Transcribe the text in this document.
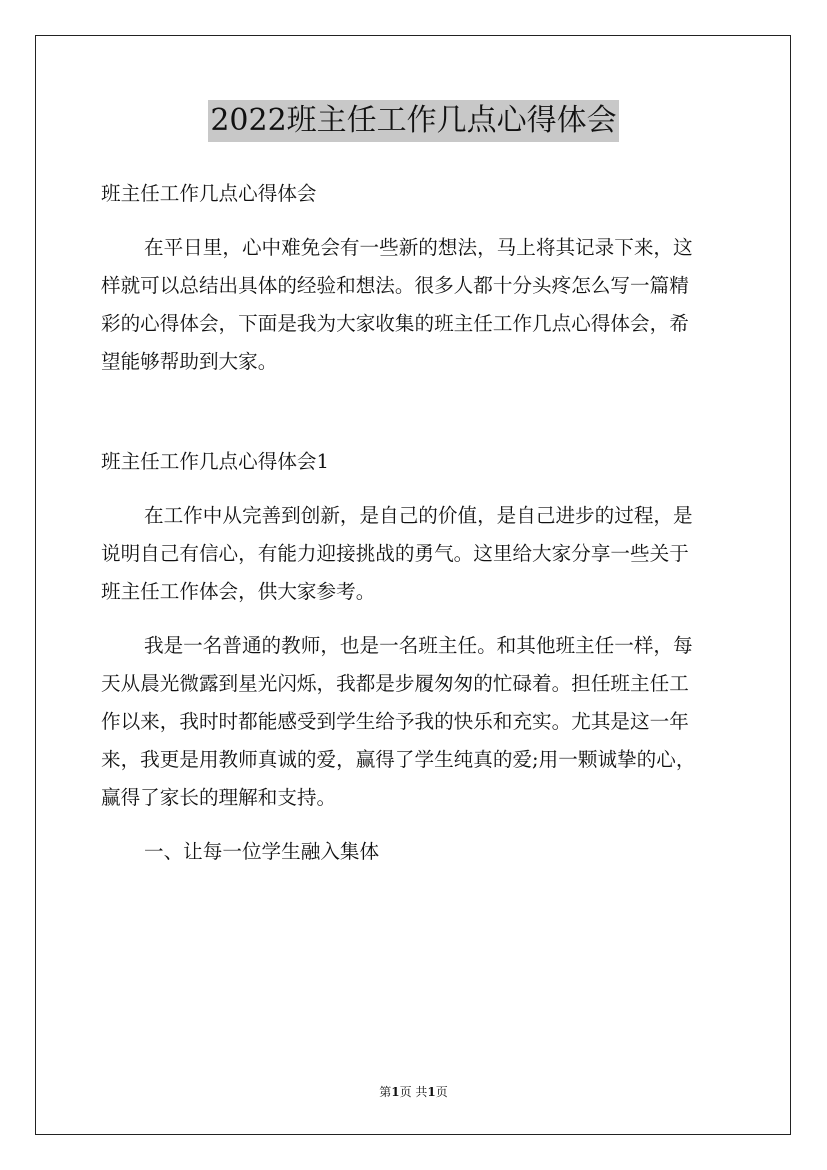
2022班主任工作几点心得体会
班主任工作几点心得体会
在平日里，心中难免会有一些新的想法，马上将其记录下来，这
样就可以总结出具体的经验和想法。很多人都十分头疼怎么写一篇精
彩的心得体会，下面是我为大家收集的班主任工作几点心得体会，希
望能够帮助到大家。
班主任工作几点心得体会1
在工作中从完善到创新，是自己的价值，是自己进步的过程，是
说明自己有信心，有能力迎接挑战的勇气。这里给大家分享一些关于
班主任工作体会，供大家参考。
我是一名普通的教师，也是一名班主任。和其他班主任一样，每
天从晨光微露到星光闪烁，我都是步履匆匆的忙碌着。担任班主任工
作以来，我时时都能感受到学生给予我的快乐和充实。尤其是这一年
来，我更是用教师真诚的爱，赢得了学生纯真的爱;用一颗诚挚的心，
赢得了家长的理解和支持。
一、让每一位学生融入集体
第1页 共1页
